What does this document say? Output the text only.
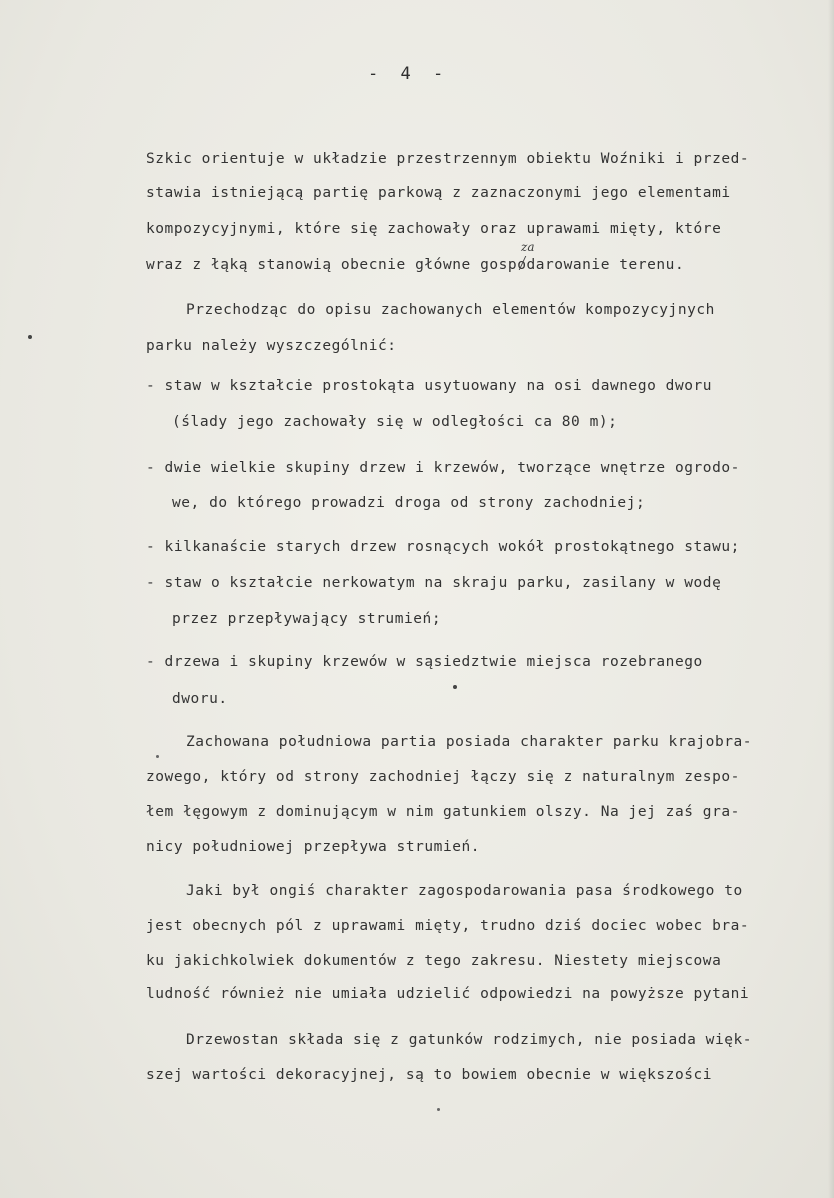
- 4 -
Szkic orientuje w układzie przestrzennym obiektu Woźniki i przed-
stawia istniejącą partię parkową z zaznaczonymi jego elementami
kompozycyjnymi, które się zachowały oraz uprawami mięty, które
wraz z łąką stanowią obecnie główne gospodarowanie terenu.
za
Przechodząc do opisu zachowanych elementów kompozycyjnych
parku należy wyszczególnić:
- staw w kształcie prostokąta usytuowany na osi dawnego dworu
(ślady jego zachowały się w odległości ca 80 m);
- dwie wielkie skupiny drzew i krzewów, tworzące wnętrze ogrodo-
we, do którego prowadzi droga od strony zachodniej;
- kilkanaście starych drzew rosnących wokół prostokątnego stawu;
- staw o kształcie nerkowatym na skraju parku, zasilany w wodę
przez przepływający strumień;
- drzewa i skupiny krzewów w sąsiedztwie miejsca rozebranego
dworu.
Zachowana południowa partia posiada charakter parku krajobra-
zowego, który od strony zachodniej łączy się z naturalnym zespo-
łem łęgowym z dominującym w nim gatunkiem olszy. Na jej zaś gra-
nicy południowej przepływa strumień.
Jaki był ongiś charakter zagospodarowania pasa środkowego to
jest obecnych pól z uprawami mięty, trudno dziś dociec wobec bra-
ku jakichkolwiek dokumentów z tego zakresu. Niestety miejscowa
ludność również nie umiała udzielić odpowiedzi na powyższe pytani
Drzewostan składa się z gatunków rodzimych, nie posiada więk-
szej wartości dekoracyjnej, są to bowiem obecnie w większości
